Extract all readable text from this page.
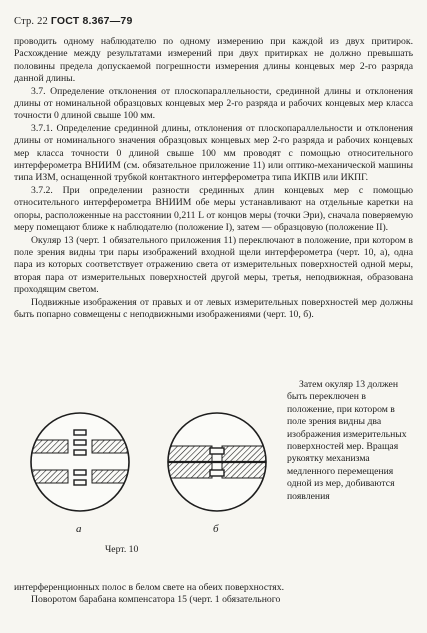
Стр. 22 ГОСТ 8.367—79

проводить одному наблюдателю по одному измерению при каждой из двух притирок. Расхождение между результатами измерений при двух притирках не должно превышать половины предела допускаемой погрешности измерения длины концевых мер 2-го разряда данной длины.

3.7. Определение отклонения от плоскопараллельности, срединной длины и отклонения длины от номинальной образцовых концевых мер 2-го разряда и рабочих концевых мер класса точности 0 длиной свыше 100 мм.

3.7.1. Определение срединной длины, отклонения от плоскопараллельности и отклонения длины от номинального значения образцовых концевых мер 2-го разряда и рабочих концевых мер класса точности 0 длиной свыше 100 мм проводят с помощью относительного интерферометра ВНИИМ (см. обязательное приложение 11) или оптико-механической машины типа ИЗМ, оснащенной трубкой контактного интерферометра типа ИКПВ или ИКПГ.

3.7.2. При определении разности срединных длин концевых мер с помощью относительного интерферометра ВНИИМ обе меры устанавливают на отдельные каретки на опоры, расположенные на расстоянии 0,211 L от концов меры (точки Эри), сначала поверяемую меру помещают ближе к наблюдателю (положение I), затем — образцовую (положение II).

Окуляр 13 (черт. 1 обязательного приложения 11) переключают в положение, при котором в поле зрения видны три пары изображений входной щели интерферометра (черт. 10, а), одна пара из которых соответствует отражению света от измерительных поверхностей одной меры, вторая пара от измерительных поверхностей другой меры, третья, неподвижная, образована проходящим светом.

Подвижные изображения от правых и от левых измерительных поверхностей мер должны быть попарно совмещены с неподвижными изображениями (черт. 10, б).

Затем окуляр 13 должен быть переключен в положение, при котором в поле зрения видны два изображения измерительных поверхностей мер. Вращая рукоятку механизма медленного перемещения одной из мер, добиваются появления

а	б
Черт. 10

интерференционных полос в белом свете на обеих поверхностях.

Поворотом барабана компенсатора 15 (черт. 1 обязательного
